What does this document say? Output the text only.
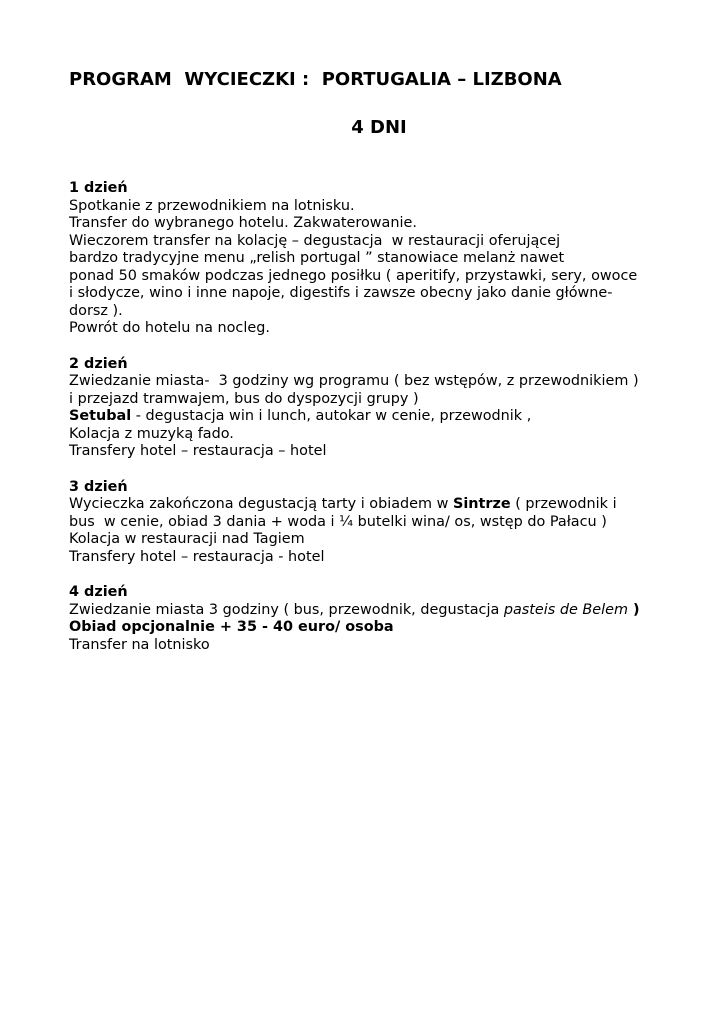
PROGRAM  WYCIECZKI :  PORTUGALIA – LIZBONA
4 DNI
1 dzień
Spotkanie z przewodnikiem na lotnisku.
Transfer do wybranego hotelu. Zakwaterowanie.
Wieczorem transfer na kolację – degustacja  w restauracji oferującej
bardzo tradycyjne menu „relish portugal ” stanowiace melanż nawet
ponad 50 smaków podczas jednego posiłku ( aperitify, przystawki, sery, owoce
i słodycze, wino i inne napoje, digestifs i zawsze obecny jako danie główne-
dorsz ).
Powrót do hotelu na nocleg.
2 dzień
Zwiedzanie miasta-  3 godziny wg programu ( bez wstępów, z przewodnikiem )
i przejazd tramwajem, bus do dyspozycji grupy )
Setubal - degustacja win i lunch, autokar w cenie, przewodnik ,
Kolacja z muzyką fado.
Transfery hotel – restauracja – hotel
3 dzień
Wycieczka zakończona degustacją tarty i obiadem w Sintrze ( przewodnik i
bus  w cenie, obiad 3 dania + woda i ¼ butelki wina/ os, wstęp do Pałacu )
Kolacja w restauracji nad Tagiem
Transfery hotel – restauracja - hotel
4 dzień
Zwiedzanie miasta 3 godziny ( bus, przewodnik, degustacja pasteis de Belem )
Obiad opcjonalnie + 35 - 40 euro/ osoba
Transfer na lotnisko
